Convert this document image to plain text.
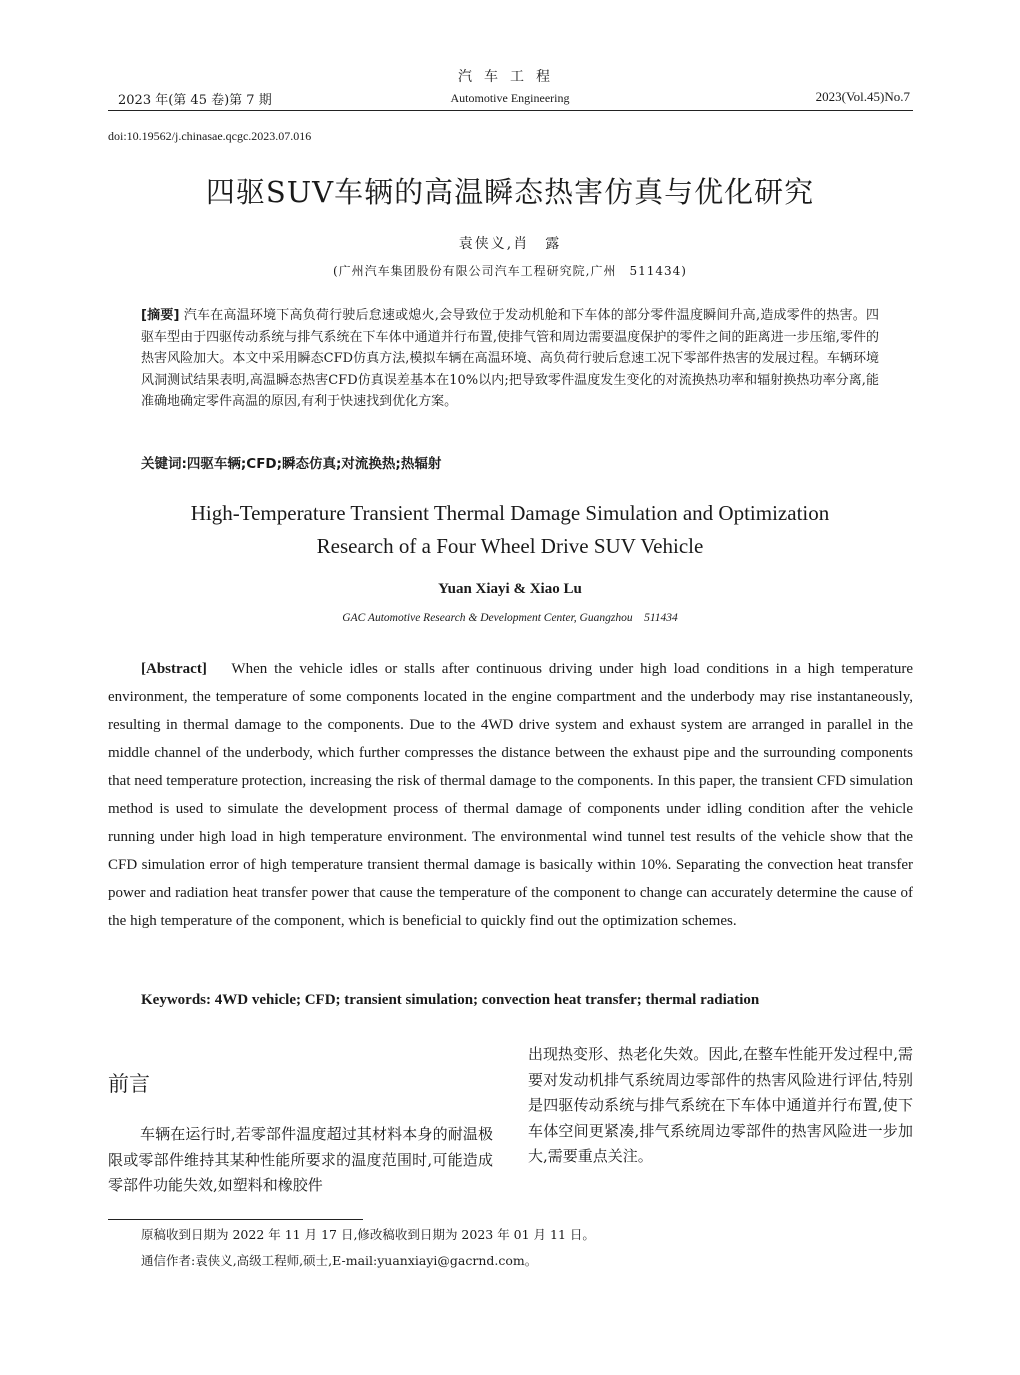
汽车工程
2023 年(第 45 卷)第 7 期	Automotive Engineering	2023(Vol.45)No.7
doi:10.19562/j.chinasae.qcgc.2023.07.016
四驱SUV车辆的高温瞬态热害仿真与优化研究
袁侠义,肖　露
(广州汽车集团股份有限公司汽车工程研究院,广州　511434)
[摘要] 汽车在高温环境下高负荷行驶后怠速或熄火,会导致位于发动机舱和下车体的部分零件温度瞬间升高,造成零件的热害。四驱车型由于四驱传动系统与排气系统在下车体中通道并行布置,使排气管和周边需要温度保护的零件之间的距离进一步压缩,零件的热害风险加大。本文中采用瞬态CFD仿真方法,模拟车辆在高温环境、高负荷行驶后怠速工况下零部件热害的发展过程。车辆环境风洞测试结果表明,高温瞬态热害CFD仿真误差基本在10%以内;把导致零件温度发生变化的对流换热功率和辐射换热功率分离,能准确地确定零件高温的原因,有利于快速找到优化方案。
关键词:四驱车辆;CFD;瞬态仿真;对流换热;热辐射
High-Temperature Transient Thermal Damage Simulation and Optimization Research of a Four Wheel Drive SUV Vehicle
Yuan Xiayi & Xiao Lu
GAC Automotive Research & Development Center, Guangzhou　511434
[Abstract] When the vehicle idles or stalls after continuous driving under high load conditions in a high temperature environment, the temperature of some components located in the engine compartment and the underbody may rise instantaneously, resulting in thermal damage to the components. Due to the 4WD drive system and exhaust system are arranged in parallel in the middle channel of the underbody, which further compresses the distance between the exhaust pipe and the surrounding components that need temperature protection, increasing the risk of thermal damage to the components. In this paper, the transient CFD simulation method is used to simulate the development process of thermal damage of components under idling condition after the vehicle running under high load in high temperature environment. The environmental wind tunnel test results of the vehicle show that the CFD simulation error of high temperature transient thermal damage is basically within 10%. Separating the convection heat transfer power and radiation heat transfer power that cause the temperature of the component to change can accurately determine the cause of the high temperature of the component, which is beneficial to quickly find out the optimization schemes.
Keywords: 4WD vehicle; CFD; transient simulation; convection heat transfer; thermal radiation
前言
车辆在运行时,若零部件温度超过其材料本身的耐温极限或零部件维持其某种性能所要求的温度范围时,可能造成零部件功能失效,如塑料和橡胶件
出现热变形、热老化失效。因此,在整车性能开发过程中,需要对发动机排气系统周边零部件的热害风险进行评估,特别是四驱传动系统与排气系统在下车体中通道并行布置,使下车体空间更紧凑,排气系统周边零部件的热害风险进一步加大,需要重点关注。
原稿收到日期为 2022 年 11 月 17 日,修改稿收到日期为 2023 年 01 月 11 日。
通信作者:袁侠义,高级工程师,硕士,E-mail:yuanxiayi@gacrnd.com。
